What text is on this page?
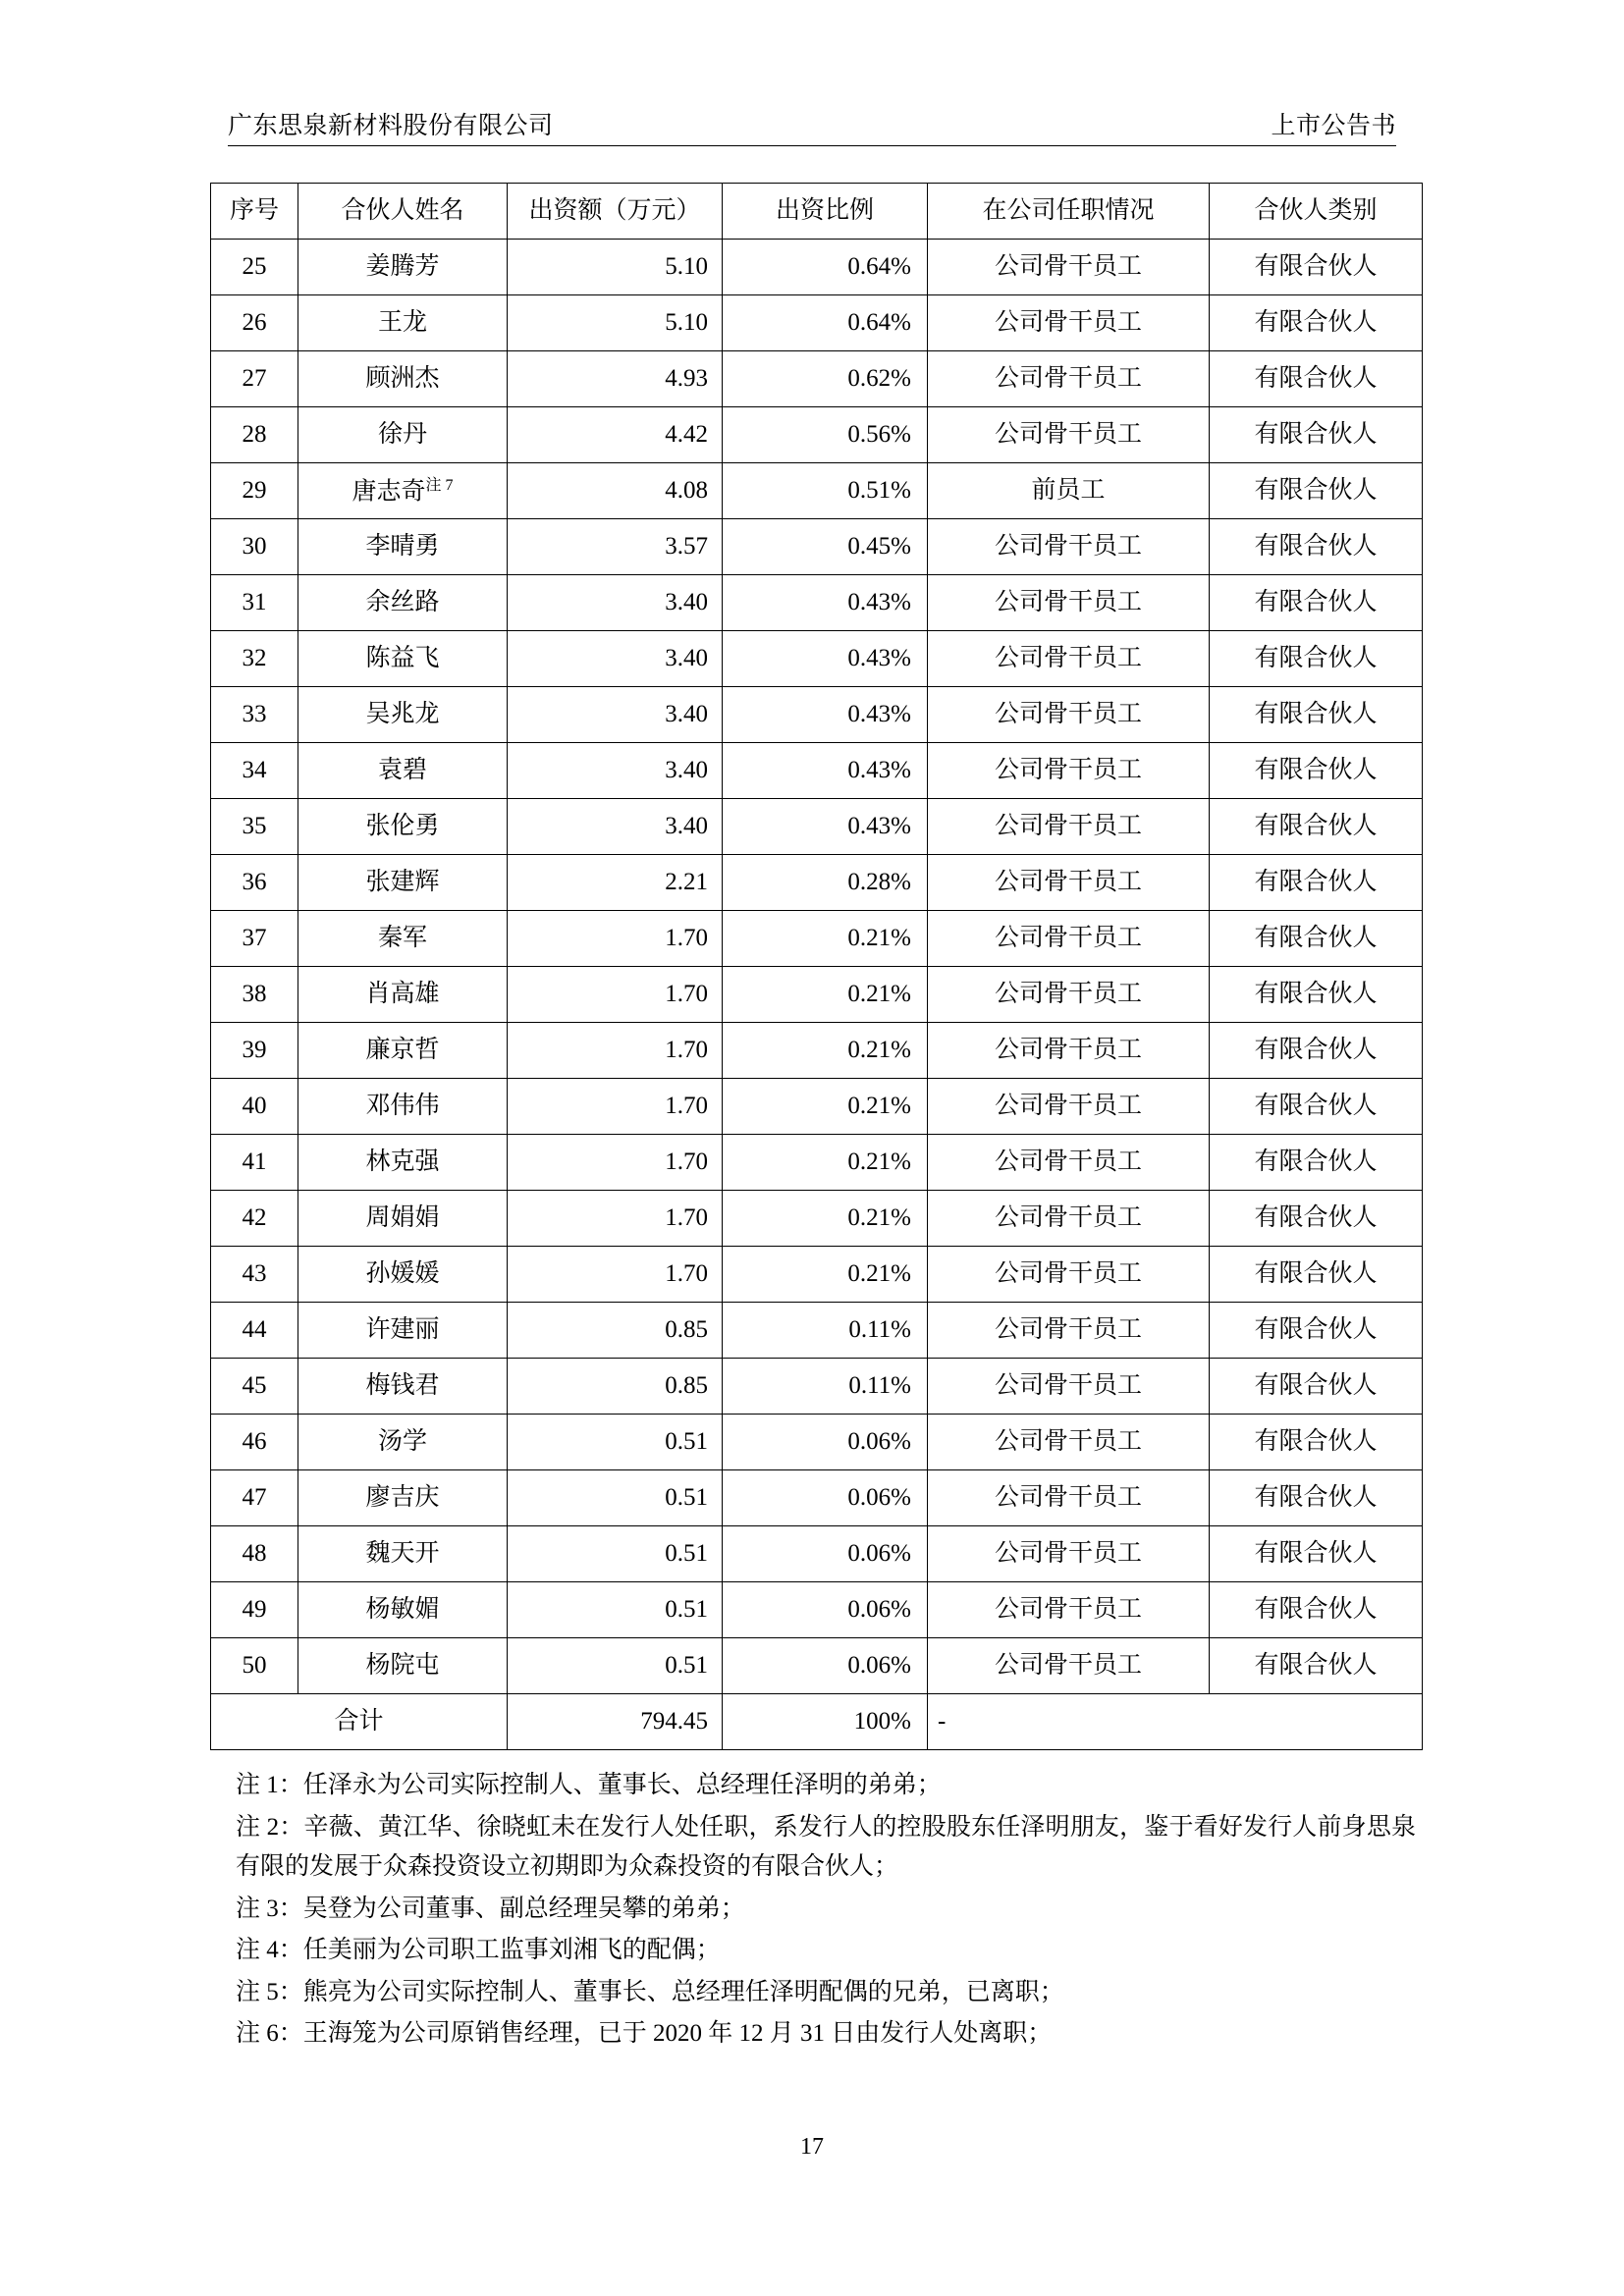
广东思泉新材料股份有限公司	上市公告书
序号	合伙人姓名	出资额（万元）	出资比例	在公司任职情况	合伙人类别
25	姜腾芳	5.10	0.64%	公司骨干员工	有限合伙人
26	王龙	5.10	0.64%	公司骨干员工	有限合伙人
27	顾洲杰	4.93	0.62%	公司骨干员工	有限合伙人
28	徐丹	4.42	0.56%	公司骨干员工	有限合伙人
29	唐志奇$^{注 7}$	4.08	0.51%	前员工	有限合伙人
30	李晴勇	3.57	0.45%	公司骨干员工	有限合伙人
31	余丝路	3.40	0.43%	公司骨干员工	有限合伙人
32	陈益飞	3.40	0.43%	公司骨干员工	有限合伙人
33	吴兆龙	3.40	0.43%	公司骨干员工	有限合伙人
34	袁碧	3.40	0.43%	公司骨干员工	有限合伙人
35	张伦勇	3.40	0.43%	公司骨干员工	有限合伙人
36	张建辉	2.21	0.28%	公司骨干员工	有限合伙人
37	秦军	1.70	0.21%	公司骨干员工	有限合伙人
38	肖高雄	1.70	0.21%	公司骨干员工	有限合伙人
39	廉京哲	1.70	0.21%	公司骨干员工	有限合伙人
40	邓伟伟	1.70	0.21%	公司骨干员工	有限合伙人
41	林克强	1.70	0.21%	公司骨干员工	有限合伙人
42	周娟娟	1.70	0.21%	公司骨干员工	有限合伙人
43	孙媛媛	1.70	0.21%	公司骨干员工	有限合伙人
44	许建丽	0.85	0.11%	公司骨干员工	有限合伙人
45	梅钱君	0.85	0.11%	公司骨干员工	有限合伙人
46	汤学	0.51	0.06%	公司骨干员工	有限合伙人
47	廖吉庆	0.51	0.06%	公司骨干员工	有限合伙人
48	魏天开	0.51	0.06%	公司骨干员工	有限合伙人
49	杨敏媚	0.51	0.06%	公司骨干员工	有限合伙人
50	杨院屯	0.51	0.06%	公司骨干员工	有限合伙人
合计		794.45	100%	-	
注 1：任泽永为公司实际控制人、董事长、总经理任泽明的弟弟；
注 2：辛薇、黄江华、徐晓虹未在发行人处任职，系发行人的控股股东任泽明朋友，鉴于看好发行人前身思泉有限的发展于众森投资设立初期即为众森投资的有限合伙人；
注 3：吴登为公司董事、副总经理吴攀的弟弟；
注 4：任美丽为公司职工监事刘湘飞的配偶；
注 5：熊亮为公司实际控制人、董事长、总经理任泽明配偶的兄弟，已离职；
注 6：王海笼为公司原销售经理，已于 2020 年 12 月 31 日由发行人处离职；
17
